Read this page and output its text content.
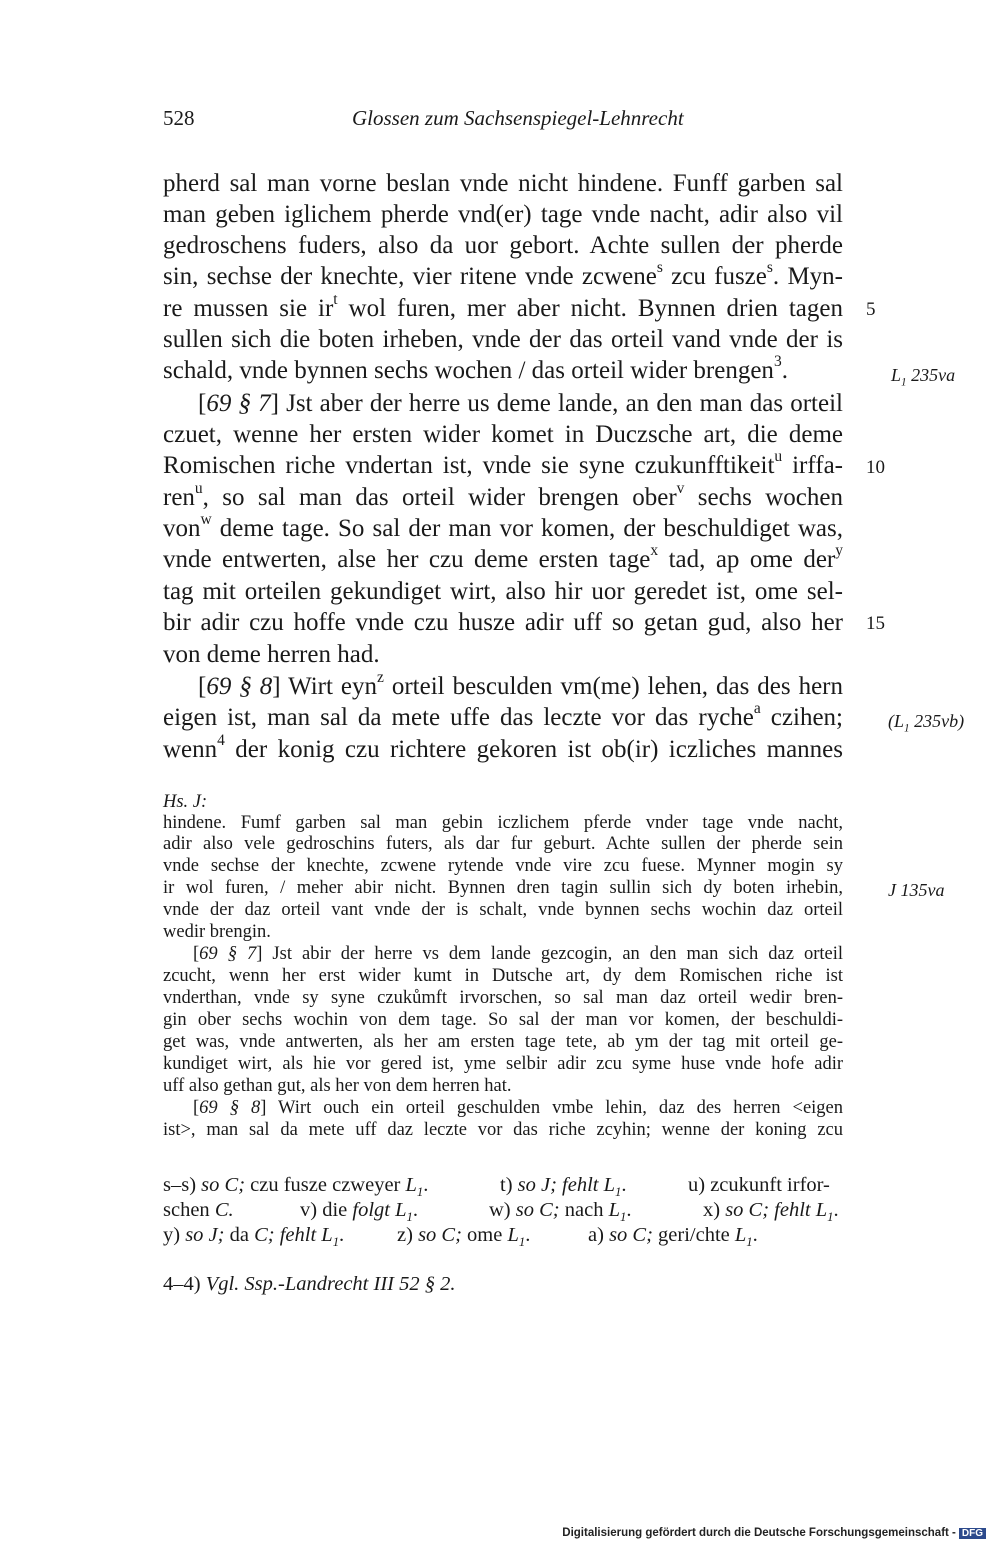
528	Glossen zum Sachsenspiegel-Lehnrecht
pherd sal man vorne beslan vnde nicht hindene. Funff garben sal
man geben iglichem pherde vnd(er) tage vnde nacht, adir also vil
gedroschens fuders, also da uor gebort. Achte sullen der pherde
sin, sechse der knechte, vier ritene vnde zcwene$^s$ zcu fusze$^s$. Myn-
re mussen sie $ir^t$ wol furen, mer aber nicht. Bynnen drien tagen
sullen sich die boten irheben, vnde der das orteil vand vnde der is
schald, vnde bynnen sechs wochen / das orteil wider brengen$^3$.
[69 § 7] Jst aber der herre us deme lande, an den man das orteil
czuet, wenne her ersten wider komet in Duczsche art, die deme
Romischen riche vndertan ist, vnde sie syne czukunfftikeit$^u$ irffa-
ren$^u$, so sal man das orteil wider brengen ober$^v$ sechs wochen
von$^w$ deme tage. So sal der man vor komen, der beschuldiget was,
vnde entwerten, alse her czu deme ersten tage$^x$ tad, ap ome der$^y$
tag mit orteilen gekundiget wirt, also hir uor geredet ist, ome sel-
bir adir czu hoffe vnde czu husze adir uff so getan gud, also her
von deme herren had.
[69 § 8] Wirt eyn$^z$ orteil besculden vm(me) lehen, das des hern
eigen ist, man sal da mete uffe das leczte vor das ryche$^a$ czihen;
wenn$^4$ der konig czu richtere gekoren ist ob(ir) iczliches mannes
5
10
15
$L_1$ 235va
($L_1$ 235vb)
J 135va
Hs. J:
hindene. Fumf garben sal man gebin iczlichem pferde vnder tage vnde nacht,
adir also vele gedroschins futers, als dar fur geburt. Achte sullen der pherde sein
vnde sechse der knechte, zcwene rytende vnde vire zcu fuese. Mynner mogin sy
ir wol furen, / meher abir nicht. Bynnen dren tagin sullin sich dy boten irhebin,
vnde der daz orteil vant vnde der is schalt, vnde bynnen sechs wochin daz orteil
wedir brengin.
[69 § 7] Jst abir der herre vs dem lande gezcogin, an den man sich daz orteil
zcucht, wenn her erst wider kumt in Dutsche art, dy dem Romischen riche ist
vnderthan, vnde sy syne czukůmft irvorschen, so sal man daz orteil wedir bren-
gin ober sechs wochin von dem tage. So sal der man vor komen, der beschuldi-
get was, vnde antwerten, als her am ersten tage tete, ab ym der tag mit orteil ge-
kundiget wirt, als hie vor gered ist, yme selbir adir zcu syme huse vnde hofe adir
uff also gethan gut, als her von dem herren hat.
[69 § 8] Wirt ouch ein orteil geschulden vmbe lehin, daz des herren <eigen
ist>, man sal da mete uff daz leczte vor das riche zcyhin; wenne der koning zcu
s–s) so C; czu fusze czweyer $L_1$.	t) so J; fehlt $L_1$.	u) zcukunft irfor-
schen C.	v) die folgt $L_1$.	w) so C; nach $L_1$.	x) so C; fehlt $L_1$.
y) so J; da C; fehlt $L_1$.	z) so C; ome $L_1$.	a) so C; geri/chte $L_1$.
4–4) Vgl. Ssp.-Landrecht III 52 § 2.
Digitalisierung gefördert durch die Deutsche Forschungsgemeinschaft - DFG
